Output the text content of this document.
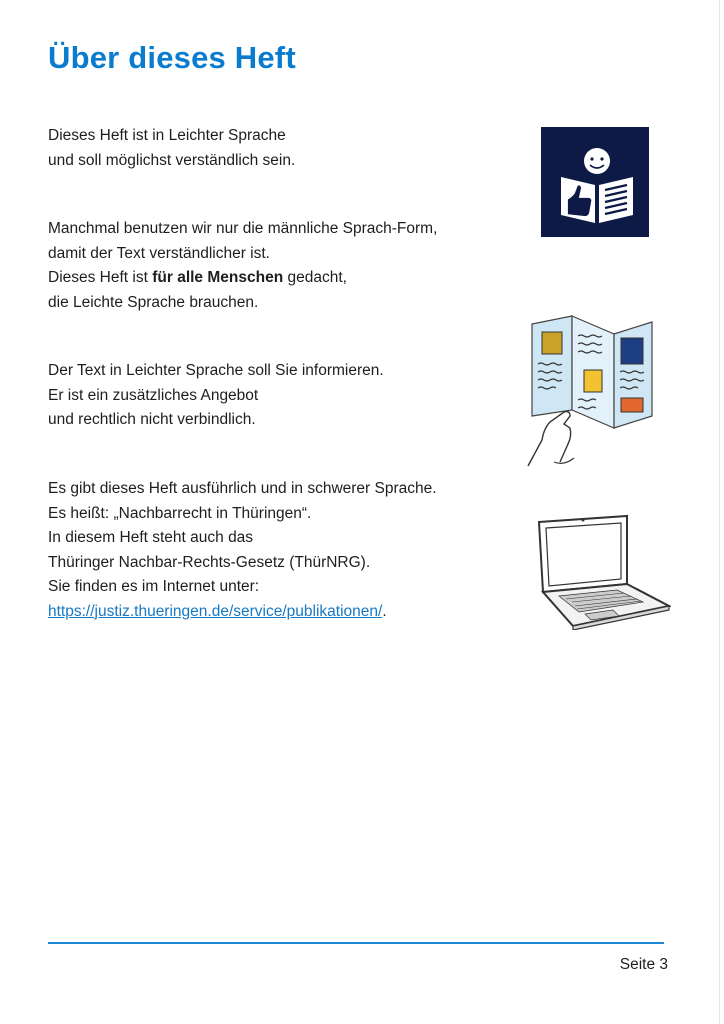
Über dieses Heft
Dieses Heft ist in Leichter Sprache
und soll möglichst verständlich sein.
Manchmal benutzen wir nur die männliche Sprach-Form,
damit der Text verständlicher ist.
Dieses Heft ist für alle Menschen gedacht,
die Leichte Sprache brauchen.
Der Text in Leichter Sprache soll Sie informieren.
Er ist ein zusätzliches Angebot
und rechtlich nicht verbindlich.
Es gibt dieses Heft ausführlich und in schwerer Sprache.
Es heißt: „Nachbarrecht in Thüringen“.
In diesem Heft steht auch das
Thüringer Nachbar-Rechts-Gesetz (ThürNRG).
Sie finden es im Internet unter:
https://justiz.thueringen.de/service/publikationen/.
Seite 3
